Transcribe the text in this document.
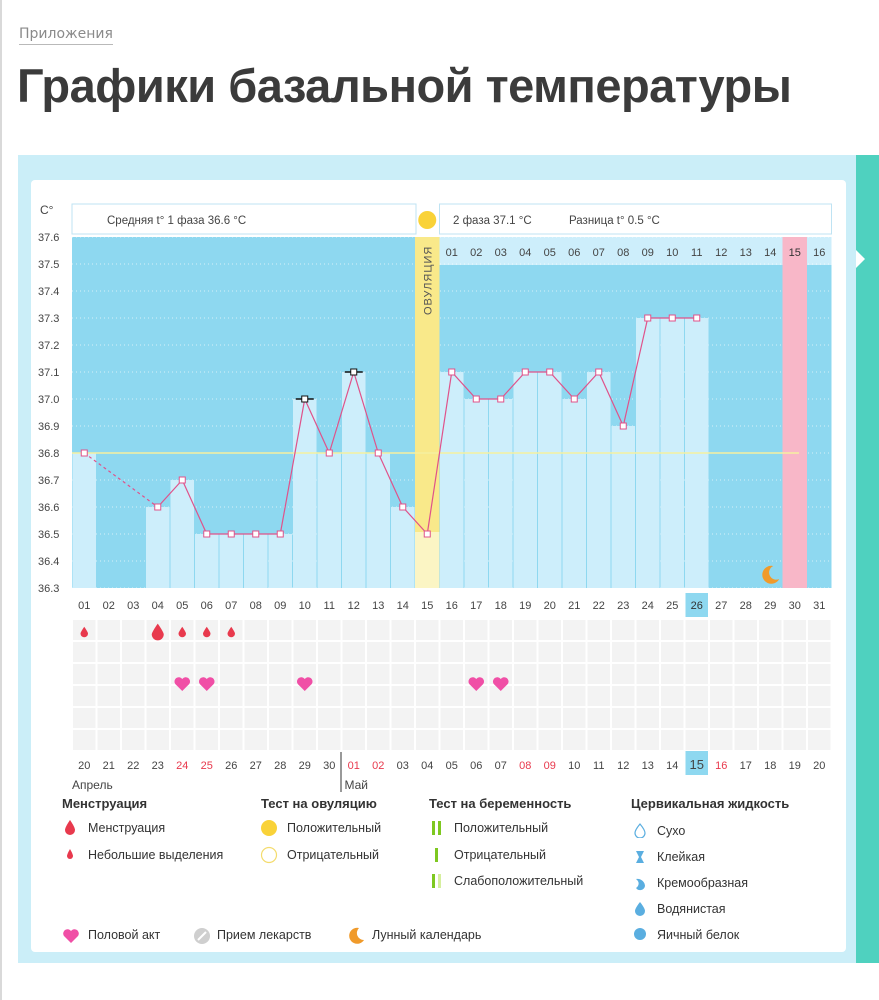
Приложения
Графики базальной температуры
Средняя t° 1 фаза 36.6 °C	2 фаза 37.1 °C	Разница t° 0.5 °C
01 02 03 04 05 06 07 08 09 10 11 12 13 14	16
C°
37.6
37.5
37.4
37.3
37.2
37.1
37.0
36.9
36.8
36.7
36.6
36.5
36.4
36.3
ОВУЛЯЦИЯ	15
01 02 03 04 05 06 07 08 09 10 11 12 13 14 15 16 17 18 19 20 21 22 23 24 25 26 27 28 29 30 31
20 21 22 23 24 25 26 27 28 29 30 01 02 03 04 05 06 07 08 09 10 11 12 13 14 15 16 17 18 19 20
Апрель	Май
Менструация
Менструация
Небольшие выделения
Тест на овуляцию
Положительный
Отрицательный
Тест на беременность
Положительный
Отрицательный
Слабоположительный
Цервикальная жидкость
Сухо
Клейкая
Кремообразная
Водянистая
Яичный белок
Половой акт	Прием лекарств	Лунный календарь
